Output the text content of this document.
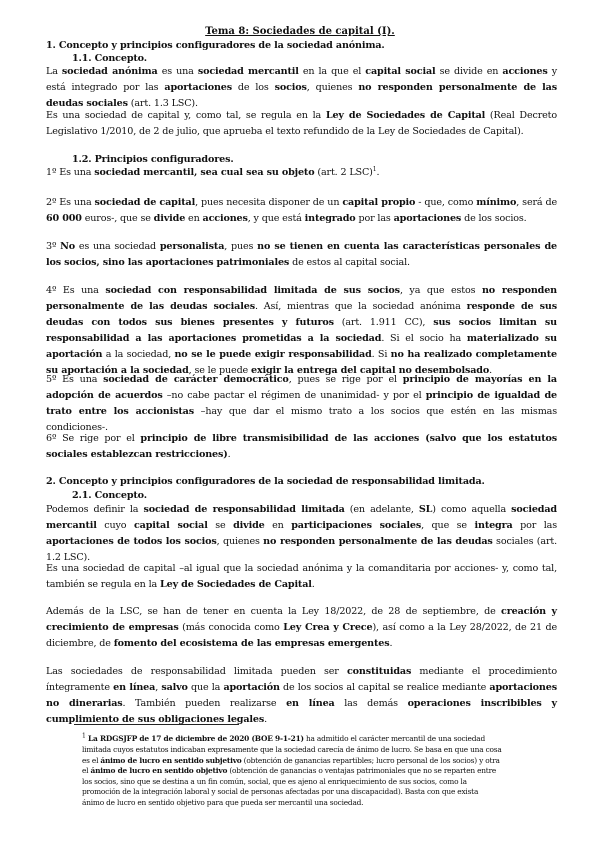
Tema 8: Sociedades de capital (I).
1. Concepto y principios configuradores de la sociedad anónima.
1.1. Concepto.

La sociedad anónima es una sociedad mercantil en la que el capital social se divide en acciones y está integrado por las aportaciones de los socios, quienes no responden personalmente de las deudas sociales (art. 1.3 LSC).

Es una sociedad de capital y, como tal, se regula en la Ley de Sociedades de Capital (Real Decreto Legislativo 1/2010, de 2 de julio, que aprueba el texto refundido de la Ley de Sociedades de Capital).

1.2. Principios configuradores.

1º Es una sociedad mercantil, sea cual sea su objeto (art. 2 LSC)$^1$.

2º Es una sociedad de capital, pues necesita disponer de un capital propio - que, como mínimo, será de 60 000 euros-, que se divide en acciones, y que está integrado por las aportaciones de los socios.

3º No es una sociedad personalista, pues no se tienen en cuenta las características personales de los socios, sino las aportaciones patrimoniales de estos al capital social.

4º Es una sociedad con responsabilidad limitada de sus socios, ya que estos no responden personalmente de las deudas sociales. Así, mientras que la sociedad anónima responde de sus deudas con todos sus bienes presentes y futuros (art. 1.911 CC), sus socios limitan su responsabilidad a las aportaciones prometidas a la sociedad. Si el socio ha materializado su aportación a la sociedad, no se le puede exigir responsabilidad. Si no ha realizado completamente su aportación a la sociedad, se le puede exigir la entrega del capital no desembolsado.

5º Es una sociedad de carácter democrático, pues se rige por el principio de mayorías en la adopción de acuerdos –no cabe pactar el régimen de unanimidad- y por el principio de igualdad de trato entre los accionistas –hay que dar el mismo trato a los socios que estén en las mismas condiciones-.

6º Se rige por el principio de libre transmisibilidad de las acciones (salvo que los estatutos sociales establezcan restricciones).

2. Concepto y principios configuradores de la sociedad de responsabilidad limitada.
2.1. Concepto.

Podemos definir la sociedad de responsabilidad limitada (en adelante, SL) como aquella sociedad mercantil cuyo capital social se divide en participaciones sociales, que se integra por las aportaciones de todos los socios, quienes no responden personalmente de las deudas sociales (art. 1.2 LSC).

Es una sociedad de capital –al igual que la sociedad anónima y la comanditaria por acciones- y, como tal, también se regula en la Ley de Sociedades de Capital.

Además de la LSC, se han de tener en cuenta la Ley 18/2022, de 28 de septiembre, de creación y crecimiento de empresas (más conocida como Ley Crea y Crece), así como a la Ley 28/2022, de 21 de diciembre, de fomento del ecosistema de las empresas emergentes.

Las sociedades de responsabilidad limitada pueden ser constituidas mediante el procedimiento íntegramente en línea, salvo que la aportación de los socios al capital se realice mediante aportaciones no dinerarias. También pueden realizarse en línea las demás operaciones inscribibles y cumplimiento de sus obligaciones legales.

$^1$ La RDGSJFP de 17 de diciembre de 2020 (BOE 9-1-21) ha admitido el carácter mercantil de una sociedad limitada cuyos estatutos indicaban expresamente que la sociedad carecía de ánimo de lucro. Se basa en que una cosa es el ánimo de lucro en sentido subjetivo (obtención de ganancias repartibles; lucro personal de los socios) y otra el ánimo de lucro en sentido objetivo (obtención de ganancias o ventajas patrimoniales que no se reparten entre los socios, sino que se destina a un fin común, social, que es ajeno al enriquecimiento de sus socios, como la promoción de la integración laboral y social de personas afectadas por una discapacidad). Basta con que exista ánimo de lucro en sentido objetivo para que pueda ser mercantil una sociedad.
